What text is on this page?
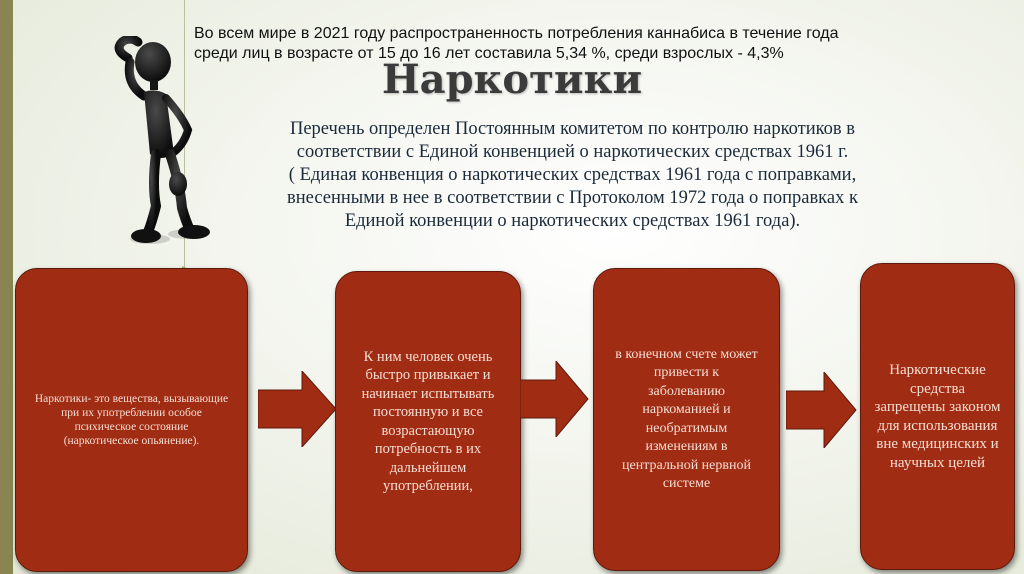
Во всем мире в 2021 году распространенность потребления каннабиса в течение года
среди лиц в возрасте от 15 до 16 лет составила 5,34 %, среди взрослых - 4,3%
Наркотики
Перечень определен Постоянным комитетом по контролю наркотиков в
соответствии с Единой конвенцией о наркотических средствах 1961 г.
( Единая конвенция о наркотических средствах 1961 года с поправками,
внесенными в нее в соответствии с Протоколом 1972 года о поправках к
Единой конвенции о наркотических средствах 1961 года).
Наркотики- это вещества, вызывающие
при их употреблении особое
психическое состояние
(наркотическое опьянение).
К ним человек очень
быстро привыкает и
начинает испытывать
постоянную и все
возрастающую
потребность в их
дальнейшем
употреблении,
в конечном счете может
привести к
заболеванию
наркоманией и
необратимым
изменениям в
центральной нервной
системе
Наркотические
средства
запрещены законом
для использования
вне медицинских и
научных целей
